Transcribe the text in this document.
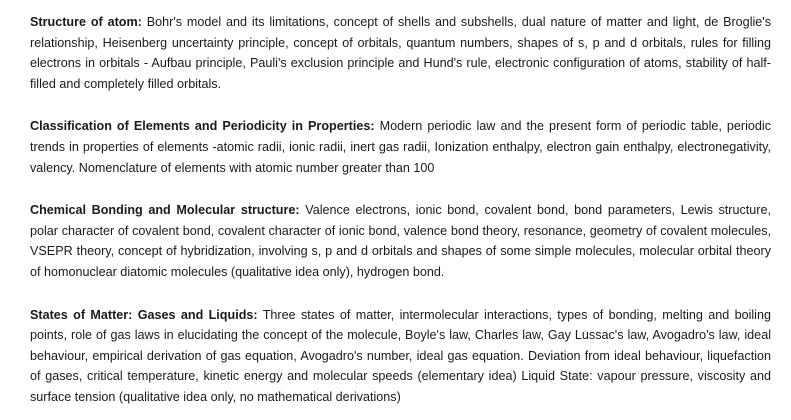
Structure of atom: Bohr's model and its limitations, concept of shells and subshells, dual nature of matter and light, de Broglie's relationship, Heisenberg uncertainty principle, concept of orbitals, quantum numbers, shapes of s, p and d orbitals, rules for filling electrons in orbitals - Aufbau principle, Pauli's exclusion principle and Hund's rule, electronic configuration of atoms, stability of half-filled and completely filled orbitals.

Classification of Elements and Periodicity in Properties: Modern periodic law and the present form of periodic table, periodic trends in properties of elements -atomic radii, ionic radii, inert gas radii, Ionization enthalpy, electron gain enthalpy, electronegativity, valency. Nomenclature of elements with atomic number greater than 100

Chemical Bonding and Molecular structure: Valence electrons, ionic bond, covalent bond, bond parameters, Lewis structure, polar character of covalent bond, covalent character of ionic bond, valence bond theory, resonance, geometry of covalent molecules, VSEPR theory, concept of hybridization, involving s, p and d orbitals and shapes of some simple molecules, molecular orbital theory of homonuclear diatomic molecules (qualitative idea only), hydrogen bond.

States of Matter: Gases and Liquids: Three states of matter, intermolecular interactions, types of bonding, melting and boiling points, role of gas laws in elucidating the concept of the molecule, Boyle's law, Charles law, Gay Lussac's law, Avogadro's law, ideal behaviour, empirical derivation of gas equation, Avogadro's number, ideal gas equation. Deviation from ideal behaviour, liquefaction of gases, critical temperature, kinetic energy and molecular speeds (elementary idea) Liquid State: vapour pressure, viscosity and surface tension (qualitative idea only, no mathematical derivations)
